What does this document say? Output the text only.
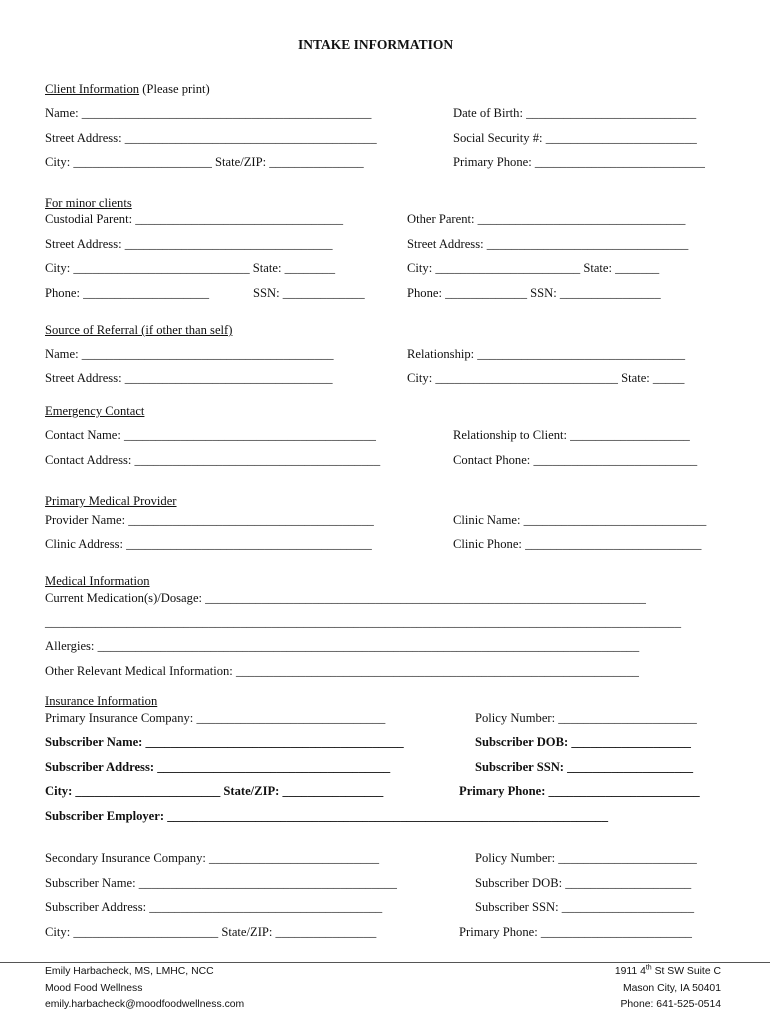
INTAKE INFORMATION
Client Information (Please print)
Name: ______________________________________________	Date of Birth: ___________________________
Street Address: ________________________________________	Social Security #: ________________________
City: ______________________ State/ZIP: _______________	Primary Phone: ___________________________
For minor clients
Custodial Parent: _________________________________	Other Parent: _________________________________
Street Address: _________________________________	Street Address: ________________________________
City: ____________________________ State: ________	City: _______________________ State: _______
Phone: ____________________	SSN: _____________	Phone: _____________ SSN: ________________
Source of Referral (if other than self)
Name: ________________________________________	Relationship: _________________________________
Street Address: _________________________________	City: _____________________________ State: _____
Emergency Contact
Contact Name: ________________________________________	Relationship to Client: ___________________
Contact Address: _______________________________________	Contact Phone: __________________________
Primary Medical Provider
Provider Name: _______________________________________	Clinic Name: _____________________________
Clinic Address: _______________________________________	Clinic Phone: ____________________________
Medical Information
Current Medication(s)/Dosage: ______________________________________________________________________
_____________________________________________________________________________________________________
Allergies: ______________________________________________________________________________________
Other Relevant Medical Information: ________________________________________________________________
Insurance Information
Primary Insurance Company: ______________________________	Policy Number: ______________________
Subscriber Name: _________________________________________	Subscriber DOB: ___________________
Subscriber Address: _____________________________________	Subscriber SSN: ____________________
City: _______________________ State/ZIP: ________________	Primary Phone: ________________________
Subscriber Employer: ______________________________________________________________________
Secondary Insurance Company: ___________________________	Policy Number: ______________________
Subscriber Name: _________________________________________	Subscriber DOB: ____________________
Subscriber Address: _____________________________________	Subscriber SSN: _____________________
City: _______________________ State/ZIP: ________________	Primary Phone: ________________________
Emily Harbacheck, MS, LMHC, NCC
Mood Food Wellness
emily.harbacheck@moodfoodwellness.com
1911 4th St SW Suite C
Mason City, IA 50401
Phone: 641-525-0514
